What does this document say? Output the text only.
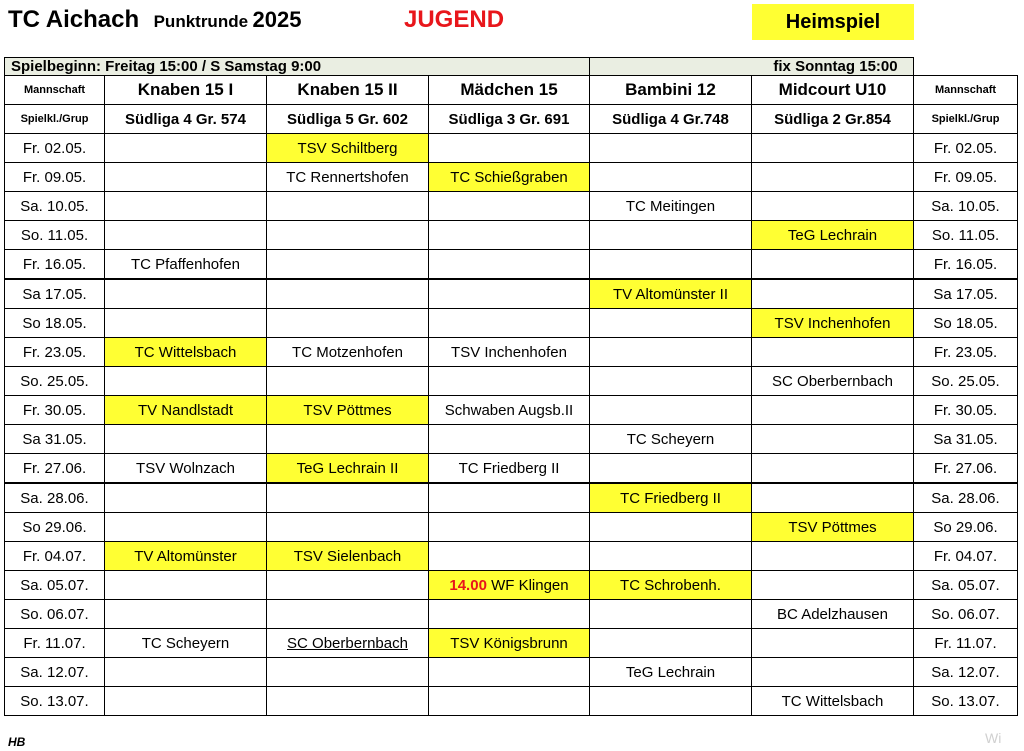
TC Aichach Punktrunde 2025	JUGEND	Heimspiel
Spielbeginn: Freitag 15:00 / S Samstag 9:00				fix Sonntag 15:00		
Mannschaft	Knaben 15 I	Knaben 15 II	Mädchen 15	Bambini 12	Midcourt U10	Mannschaft
Spielkl./Grup	Südliga 4 Gr. 574	Südliga 5 Gr. 602	Südliga 3 Gr. 691	Südliga 4 Gr.748	Südliga 2 Gr.854	Spielkl./Grup
Fr. 02.05.		TSV Schiltberg				Fr. 02.05.
Fr. 09.05.		TC Rennertshofen	TC Schießgraben			Fr. 09.05.
Sa. 10.05.				TC Meitingen		Sa. 10.05.
So. 11.05.					TeG Lechrain	So. 11.05.
Fr. 16.05.	TC Pfaffenhofen					Fr. 16.05.
Sa 17.05.				TV Altomünster II		Sa 17.05.
So 18.05.					TSV Inchenhofen	So 18.05.
Fr. 23.05.	TC Wittelsbach	TC Motzenhofen	TSV Inchenhofen			Fr. 23.05.
So. 25.05.					SC Oberbernbach	So. 25.05.
Fr. 30.05.	TV Nandlstadt	TSV Pöttmes	Schwaben Augsb.II			Fr. 30.05.
Sa 31.05.				TC Scheyern		Sa 31.05.
Fr. 27.06.	TSV Wolnzach	TeG Lechrain II	TC Friedberg II			Fr. 27.06.
Sa. 28.06.				TC Friedberg II		Sa. 28.06.
So 29.06.					TSV Pöttmes	So 29.06.
Fr. 04.07.	TV Altomünster	TSV Sielenbach				Fr. 04.07.
Sa. 05.07.			14.00 WF Klingen	TC Schrobenh.		Sa. 05.07.
So. 06.07.					BC Adelzhausen	So. 06.07.
Fr. 11.07.	TC Scheyern	SC Oberbernbach	TSV Königsbrunn			Fr. 11.07.
Sa. 12.07.				TeG Lechrain		Sa. 12.07.
So. 13.07.					TC Wittelsbach	So. 13.07.
HB	Wi
